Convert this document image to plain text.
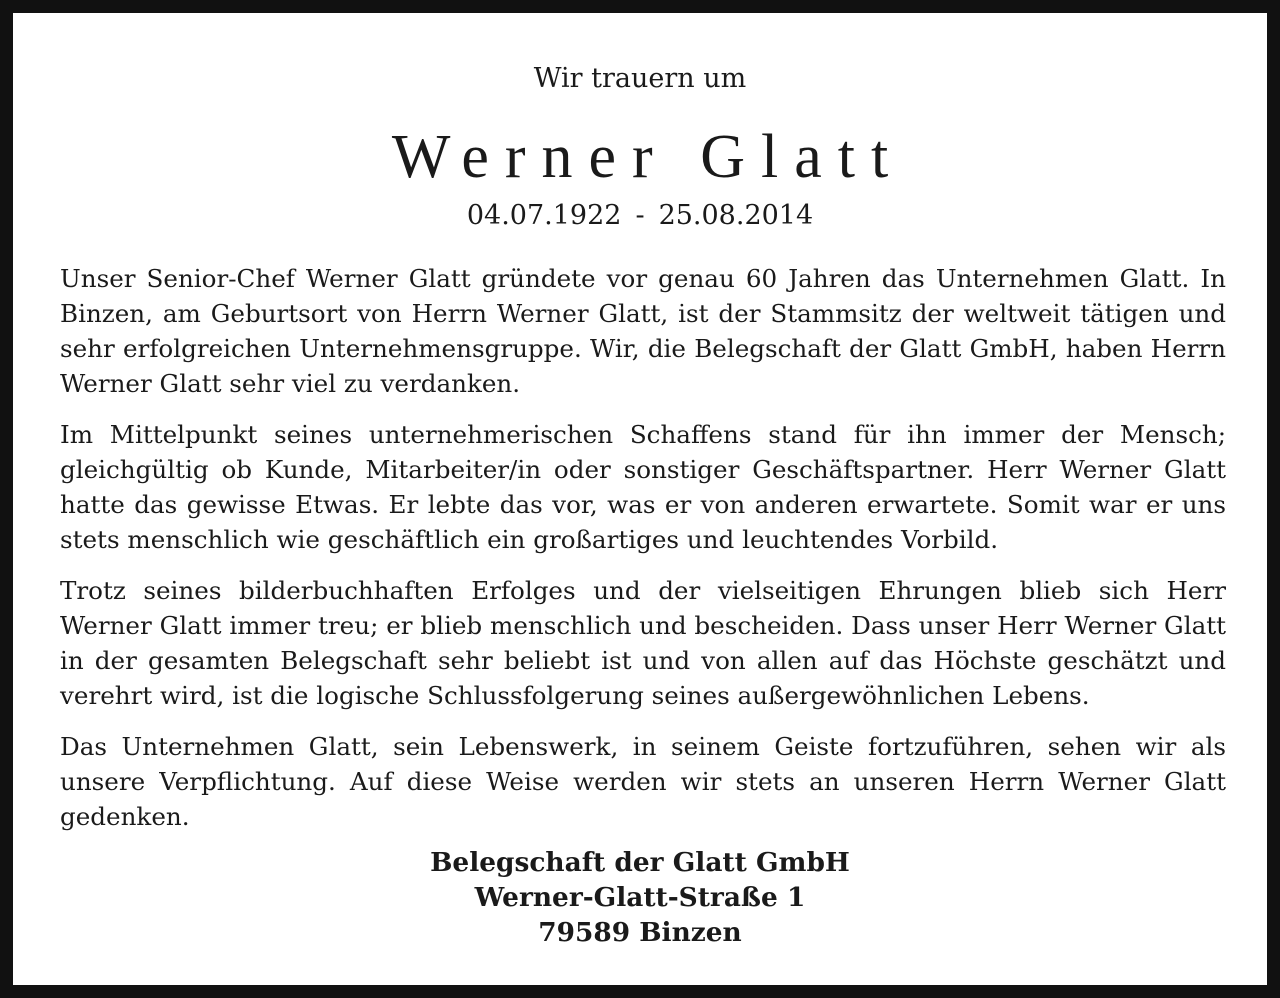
Wir trauern um
Werner Glatt
04.07.1922 - 25.08.2014

Unser Senior-Chef Werner Glatt gründete vor genau 60 Jahren das Unternehmen Glatt. In Binzen, am Geburtsort von Herrn Werner Glatt, ist der Stammsitz der weltweit tätigen und sehr erfolgreichen Unternehmensgruppe. Wir, die Belegschaft der Glatt GmbH, haben Herrn Werner Glatt sehr viel zu verdanken.

Im Mittelpunkt seines unternehmerischen Schaffens stand für ihn immer der Mensch; gleichgültig ob Kunde, Mitarbeiter/in oder sonstiger Geschäftspartner. Herr Werner Glatt hatte das gewisse Etwas. Er lebte das vor, was er von anderen erwartete. Somit war er uns stets menschlich wie geschäftlich ein großartiges und leuchtendes Vorbild.

Trotz seines bilderbuchhaften Erfolges und der vielseitigen Ehrungen blieb sich Herr Werner Glatt immer treu; er blieb menschlich und bescheiden. Dass unser Herr Werner Glatt in der gesamten Belegschaft sehr beliebt ist und von allen auf das Höchste geschätzt und verehrt wird, ist die logische Schlussfolgerung seines außergewöhnlichen Lebens.

Das Unternehmen Glatt, sein Lebenswerk, in seinem Geiste fortzuführen, sehen wir als unsere Verpflichtung. Auf diese Weise werden wir stets an unseren Herrn Werner Glatt gedenken.

Belegschaft der Glatt GmbH
Werner-Glatt-Straße 1
79589 Binzen
